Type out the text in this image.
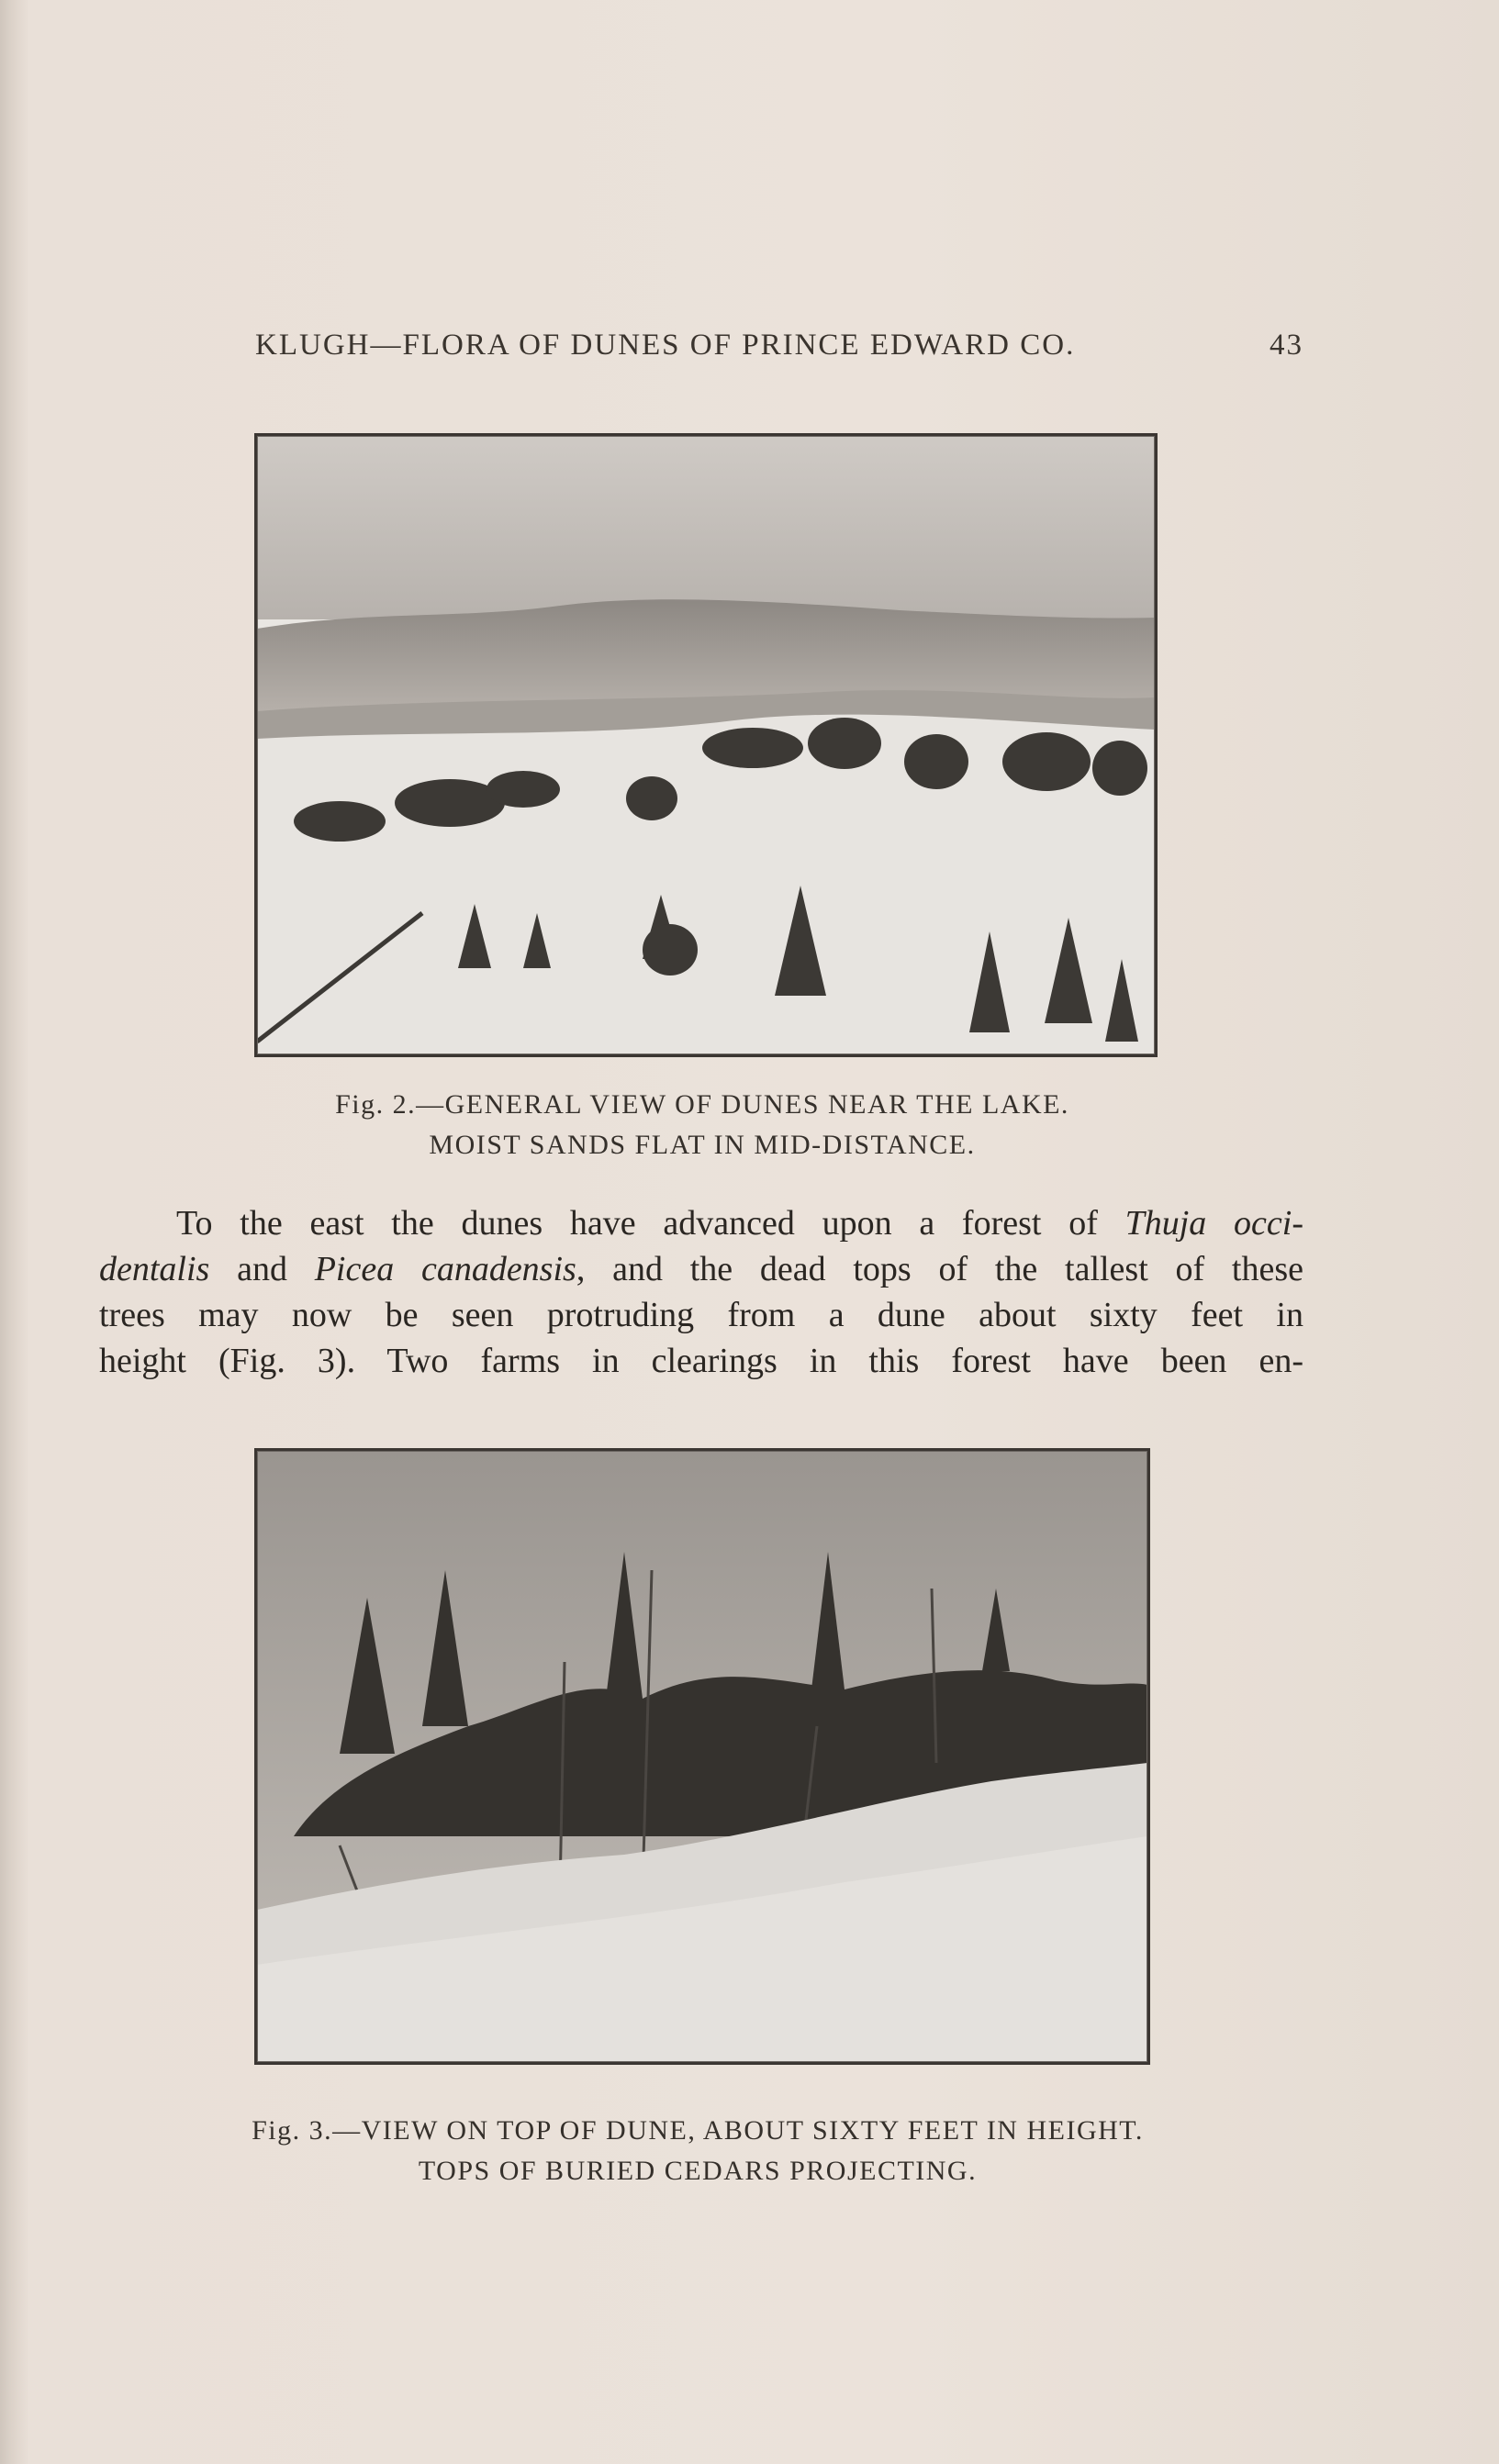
KLUGH—FLORA OF DUNES OF PRINCE EDWARD CO.	43
Fig. 2.—GENERAL VIEW OF DUNES NEAR THE LAKE.
MOIST SANDS FLAT IN MID-DISTANCE.
To the east the dunes have advanced upon a forest of Thuja occi-
dentalis and Picea canadensis, and the dead tops of the tallest of these
trees may now be seen protruding from a dune about sixty feet in
height (Fig. 3). Two farms in clearings in this forest have been en-
Fig. 3.—VIEW ON TOP OF DUNE, ABOUT SIXTY FEET IN HEIGHT.
TOPS OF BURIED CEDARS PROJECTING.
